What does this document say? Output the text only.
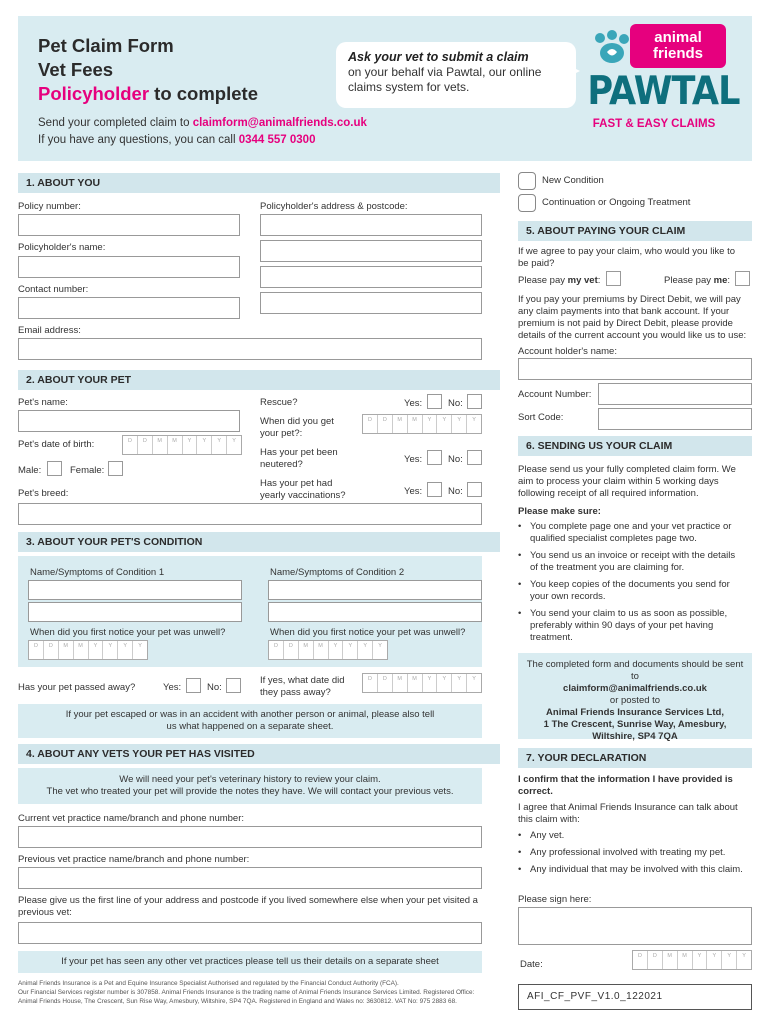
Pet Claim Form
Vet Fees
Policyholder to complete
Ask your vet to submit a claim
on your behalf via Pawtal, our online claims system for vets.
Send your completed claim to claimform@animalfriends.co.uk
If you have any questions, you can call 0344 557 0300
animal
friends
PAWTAL
FAST & EASY CLAIMS
1. ABOUT YOU
Policy number:	Policyholder's address & postcode:
Policyholder's name:
Contact number:
Email address:
2. ABOUT YOUR PET
Pet's name:
Pet's date of birth:	D	D	M	M	Y	Y	Y	Y
Male:	Female:
Pet's breed:
Rescue?	Yes:	No:
When did you get your pet?:
D	D	M	M	Y	Y	Y	Y
Has your pet been neutered?	Yes:	No:
Has your pet had yearly vaccinations?	Yes:	No:
3. ABOUT YOUR PET'S CONDITION
Name/Symptoms of Condition 1
When did you first notice your pet was unwell?
D	D	M	M	Y	Y	Y	Y
Name/Symptoms of Condition 2
When did you first notice your pet was unwell?
D	D	M	M	Y	Y	Y	Y
Has your pet passed away?	Yes:	No:
If yes, what date did they pass away?
D	D	M	M	Y	Y	Y	Y
If your pet escaped or was in an accident with another person or animal, please also tell us what happened on a separate sheet.
4. ABOUT ANY VETS YOUR PET HAS VISITED
We will need your pet's veterinary history to review your claim.
The vet who treated your pet will provide the notes they have. We will contact your previous vets.
Current vet practice name/branch and phone number:
Previous vet practice name/branch and phone number:
Please give us the first line of your address and postcode if you lived somewhere else when your pet visited a previous vet:
If your pet has seen any other vet practices please tell us their details on a separate sheet
New Condition
Continuation or Ongoing Treatment
5. ABOUT PAYING YOUR CLAIM
If we agree to pay your claim, who would you like to be paid?
Please pay my vet:	Please pay me:
If you pay your premiums by Direct Debit, we will pay any claim payments into that bank account. If your premium is not paid by Direct Debit, please provide details of the current account you would like us to use:
Account holder's name:
Account Number:
Sort Code:
6. SENDING US YOUR CLAIM
Please send us your fully completed claim form. We aim to process your claim within 5 working days following receipt of all required information.
Please make sure:
• You complete page one and your vet practice or qualified specialist completes page two.
• You send us an invoice or receipt with the details of the treatment you are claiming for.
• You keep copies of the documents you send for your own records.
• You send your claim to us as soon as possible, preferably within 90 days of your pet having treatment.
The completed form and documents should be sent to
claimform@animalfriends.co.uk
or posted to
Animal Friends Insurance Services Ltd,
1 The Crescent, Sunrise Way, Amesbury,
Wiltshire, SP4 7QA
7. YOUR DECLARATION
I confirm that the information I have provided is correct.
I agree that Animal Friends Insurance can talk about this claim with:
• Any vet.
• Any professional involved with treating my pet.
• Any individual that may be involved with this claim.
Please sign here:
Date:
D	D	M	M	Y	Y	Y	Y
Animal Friends Insurance is a Pet and Equine Insurance Specialist Authorised and regulated by the Financial Conduct Authority (FCA).
Our Financial Services register number is 307858. Animal Friends Insurance is the trading name of Animal Friends Insurance Services Limited. Registered Office:
Animal Friends House, The Crescent, Sun Rise Way, Amesbury, Wiltshire, SP4 7QA. Registered in England and Wales no: 3630812. VAT No: 975 2883 68.	AFI_CF_PVF_V1.0_122021
